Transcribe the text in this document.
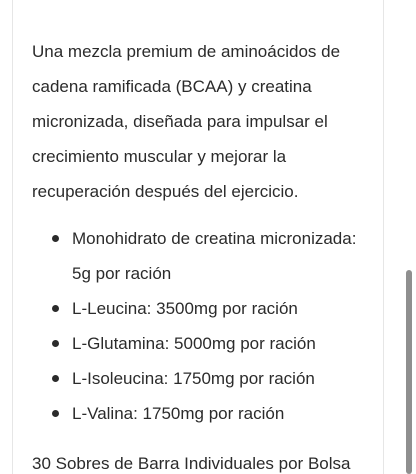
Una mezcla premium de aminoácidos de cadena ramificada (BCAA) y creatina micronizada, diseñada para impulsar el crecimiento muscular y mejorar la recuperación después del ejercicio.

Monohidrato de creatina micronizada: 5g por ración
L-Leucina: 3500mg por ración
L-Glutamina: 5000mg por ración
L-Isoleucina: 1750mg por ración
L-Valina: 1750mg por ración

30 Sobres de Barra Individuales por Bolsa
